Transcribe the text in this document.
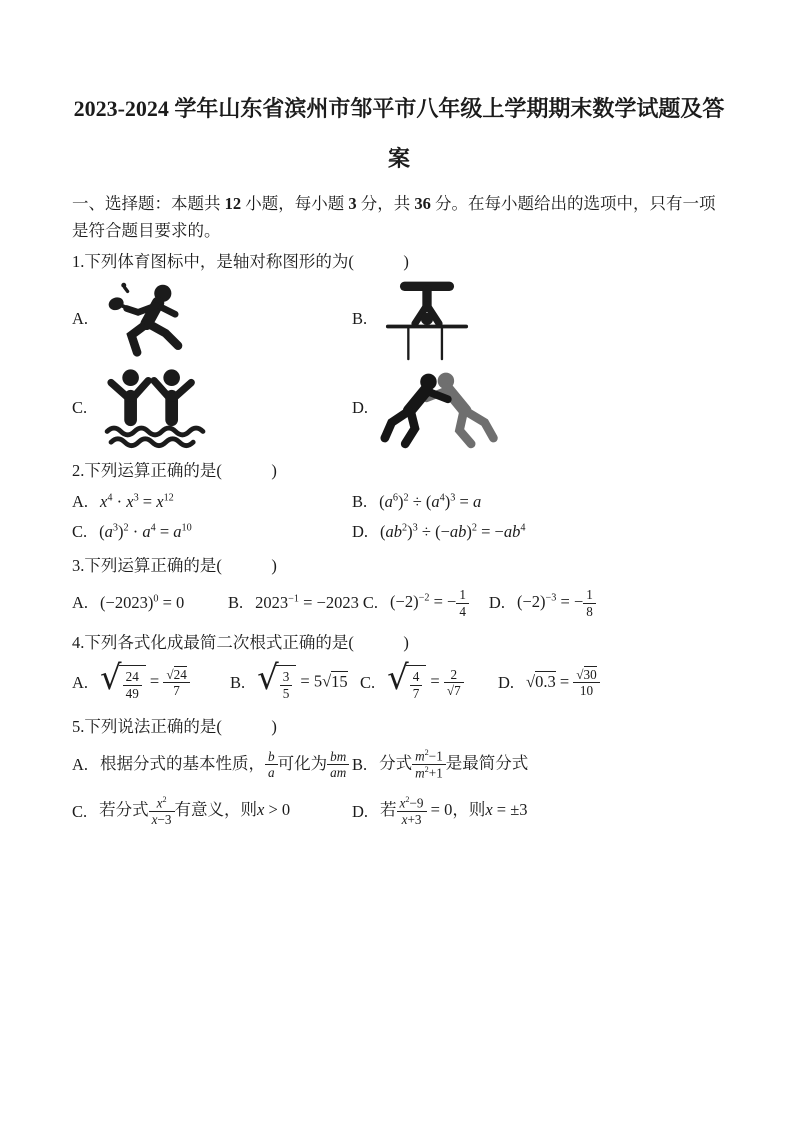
2023-2024 学年山东省滨州市邹平市八年级上学期期末数学试题及答案

一、选择题：本题共 12 小题，每小题 3 分，共 36 分。在每小题给出的选项中，只有一项是符合题目要求的。

1.下列体育图标中，是轴对称图形的为(            )

A.	B.
C.	D.

2.下列运算正确的是(            )

A. $x^4 \cdot x^3 = x^{12}$	B. $(a^6)^2 \div (a^4)^3 = a$
C. $(a^3)^2 \cdot a^4 = a^{10}$	D. $(ab^2)^3 \div (-ab)^2 = -ab^4$

3.下列运算正确的是(            )

A. $(-2023)^0 = 0$	B. $2023^{-1} = -2023$ C. $(-2)^{-2}$ = − $\frac{1}{4} D$. $(-2)^{-3}$ = − $\frac{1}{8}$

4.下列各式化成最简二次根式正确的是(            )

A. √ $\frac{24}{49} = \frac{√24}{7} B$. √ $\frac{3}{5} = 5√15$ C. √ $\frac{4}{7} = \frac{2}{√7} D$. $√0.3 = \frac{√30}{10}$

5.下列说法正确的是(            )

A. 根据分式的基本性质， $\frac{b}{a}$ 可化为 $\frac{bm}{am} B$. 分式 $\frac{m^2-1}{m^2+1}$ 是最简分式
C. 若分式 $\frac{x^2}{x-3}$ 有意义，则x > 0	D. 若 $\frac{x^2-9}{x+3} = 0$，则x = ±3
